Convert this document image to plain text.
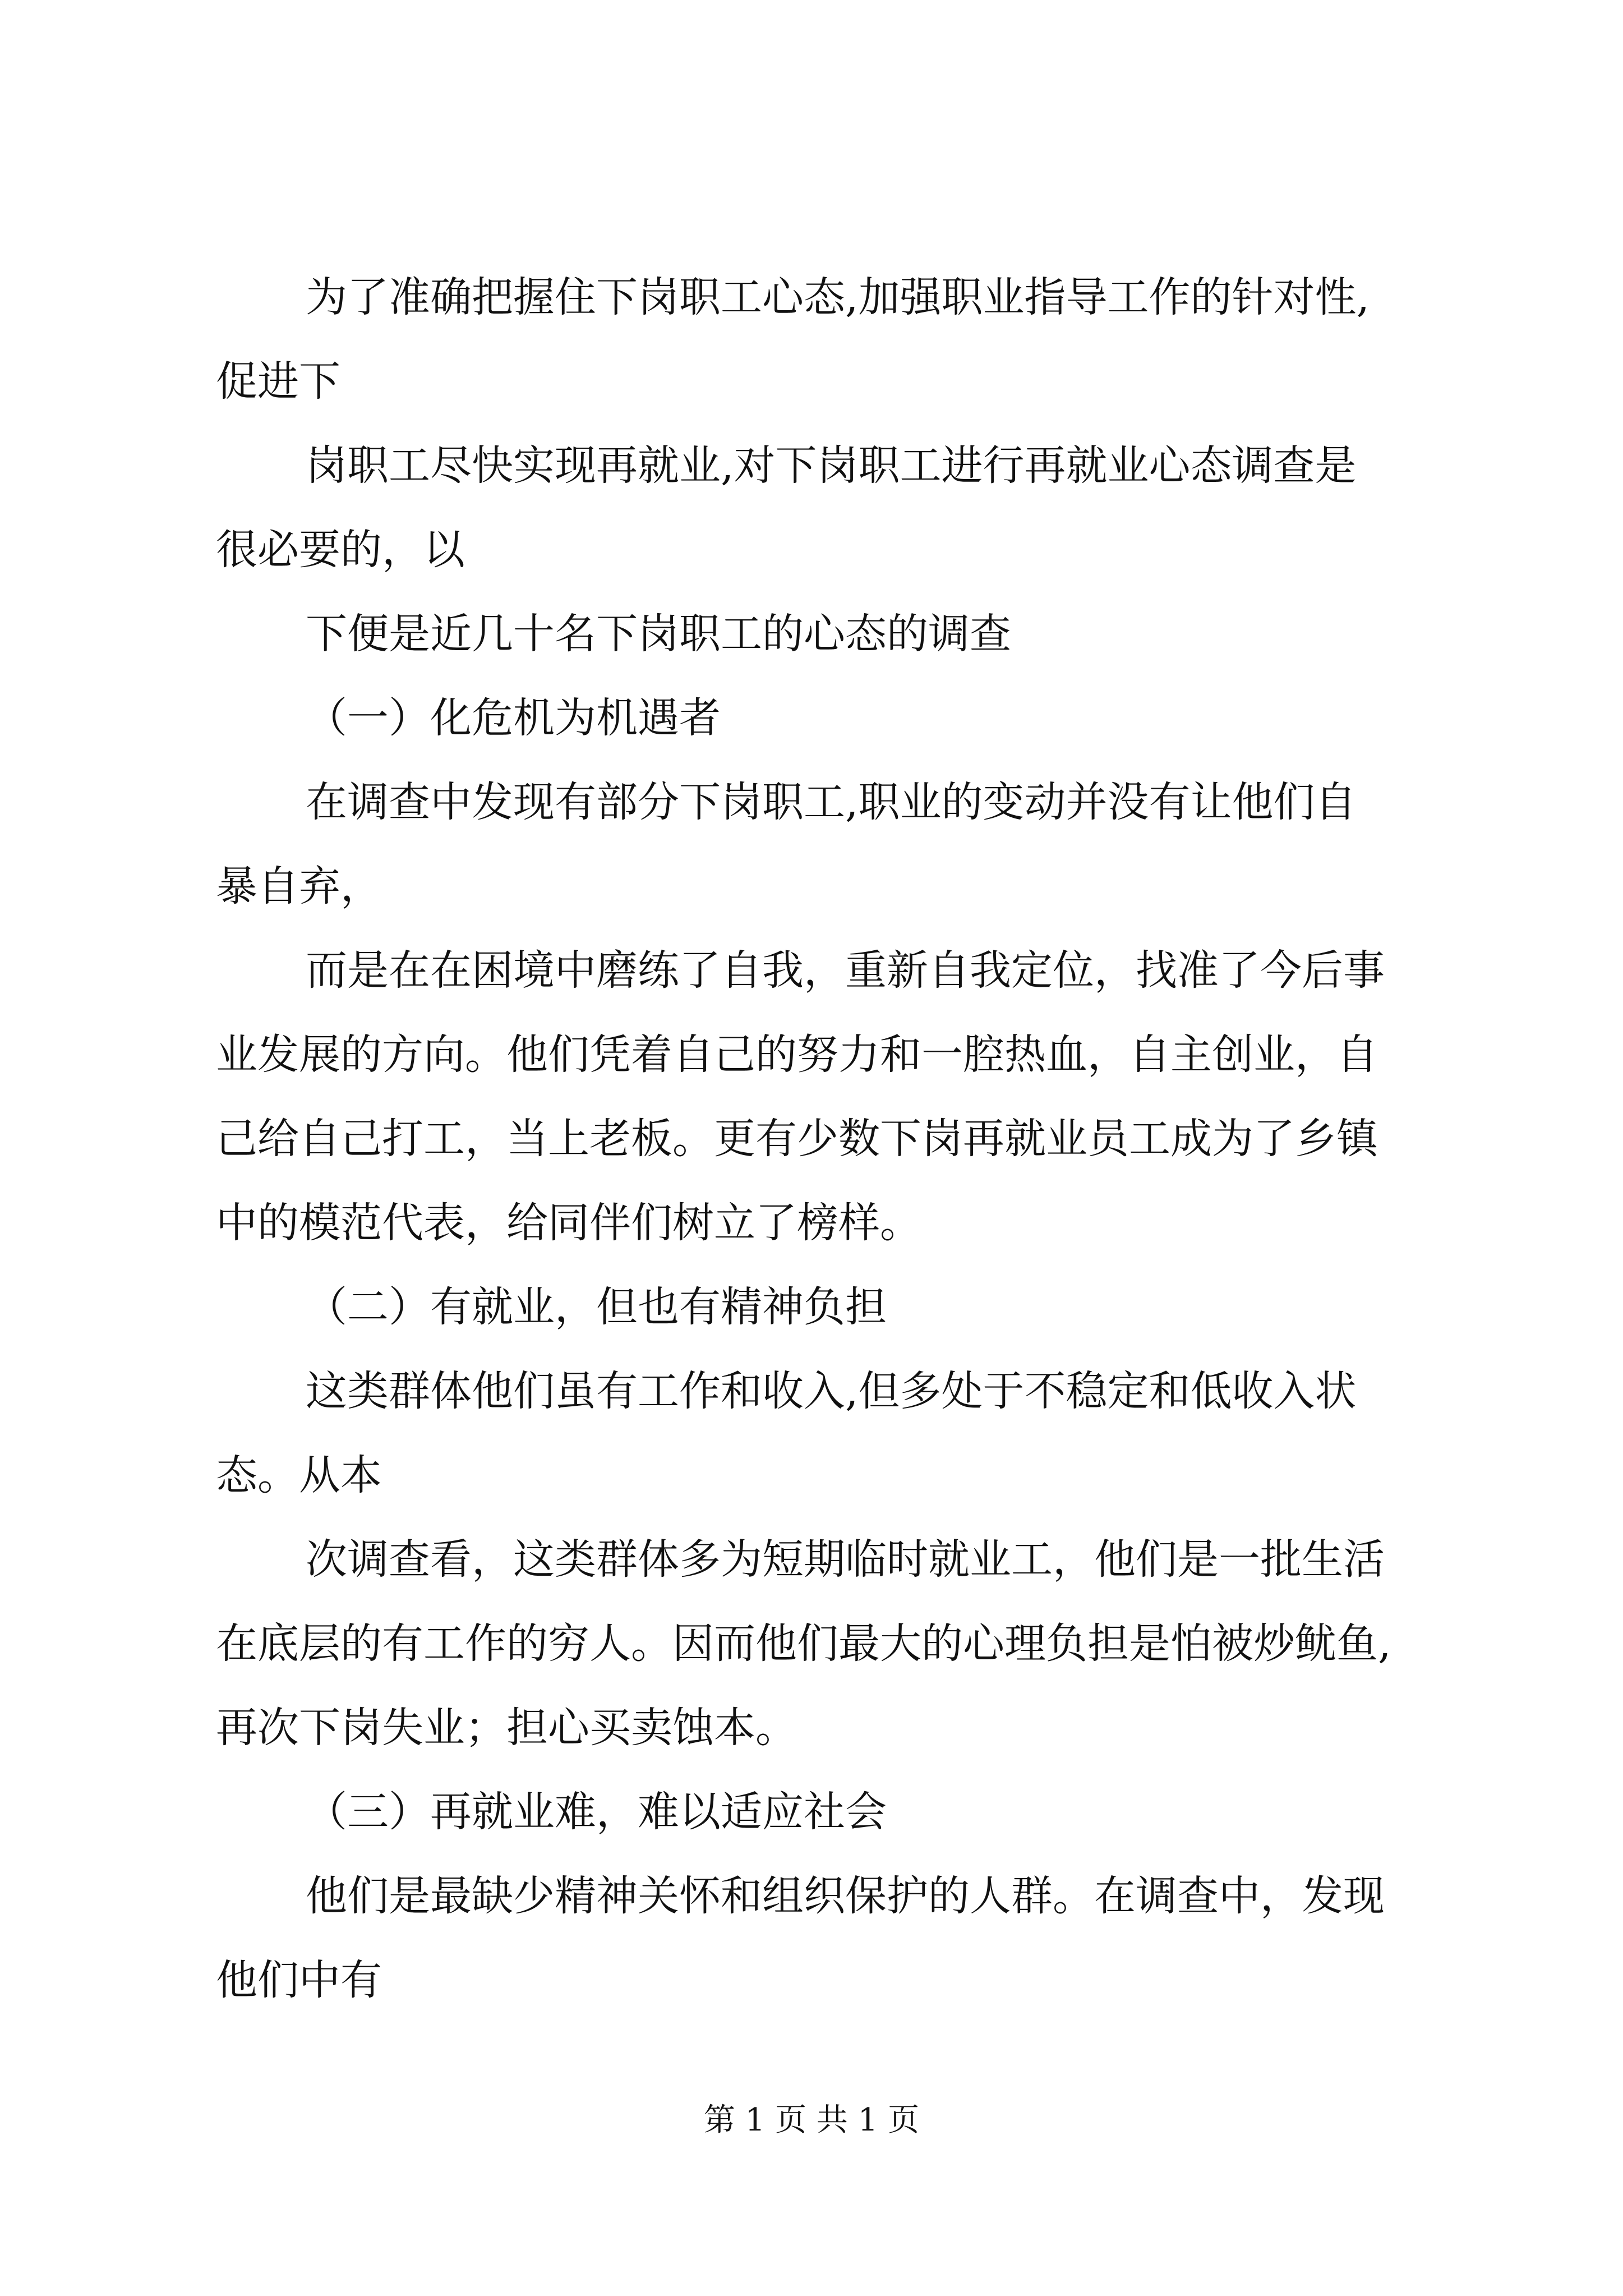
为了准确把握住下岗职工心态,加强职业指导工作的针对性,

促进下

岗职工尽快实现再就业,对下岗职工进行再就业心态调查是

很必要的，以

下便是近几十名下岗职工的心态的调查

（一）化危机为机遇者

在调查中发现有部分下岗职工,职业的变动并没有让他们自

暴自弃，

而是在在困境中磨练了自我，重新自我定位，找准了今后事

业发展的方向。他们凭着自己的努力和一腔热血，自主创业，自

己给自己打工，当上老板。更有少数下岗再就业员工成为了乡镇

中的模范代表，给同伴们树立了榜样。

（二）有就业，但也有精神负担

这类群体他们虽有工作和收入,但多处于不稳定和低收入状

态。从本

次调查看，这类群体多为短期临时就业工，他们是一批生活

在底层的有工作的穷人。因而他们最大的心理负担是怕被炒鱿鱼,

再次下岗失业；担心买卖蚀本。

（三）再就业难，难以适应社会

他们是最缺少精神关怀和组织保护的人群。在调查中，发现

他们中有

第 1 页 共 1 页
